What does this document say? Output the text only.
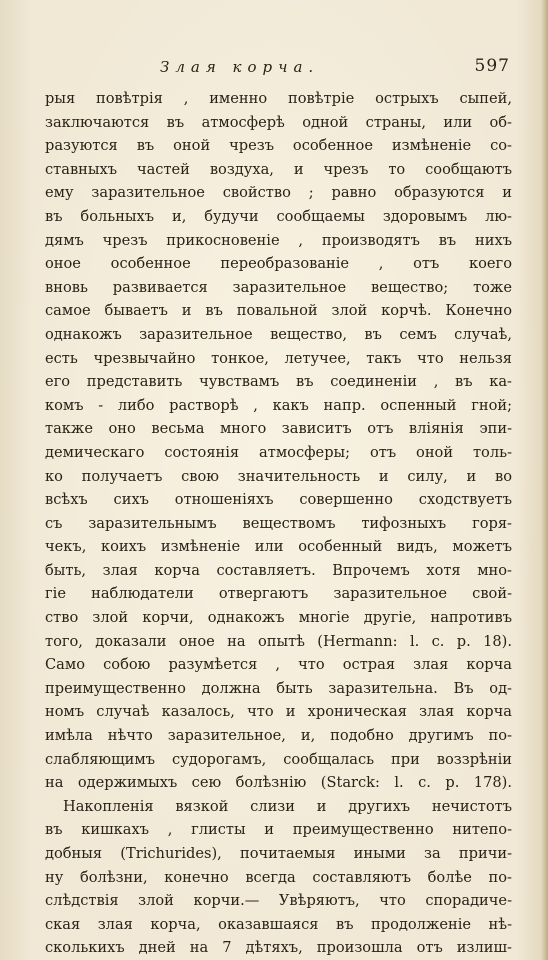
Злая корча.	597
рыя повѣтрія , именно повѣтріе острыхъ сыпей,
заключаются въ атмосферѣ одной страны, или об-
разуются въ оной чрезъ особенное измѣненіе со-
ставныхъ частей воздуха, и чрезъ то сообщаютъ
ему заразительное свойство ; равно образуются и
въ больныхъ и, будучи сообщаемы здоровымъ лю-
дямъ чрезъ прикосновеніе , производятъ въ нихъ
оное особенное переобразованіе , отъ коего
вновь развивается заразительное вещество; тоже
самое бываетъ и въ повальной злой корчѣ. Конечно
однакожъ заразительное вещество, въ семъ случаѣ,
есть чрезвычайно тонкое, летучее, такъ что нельзя
его представить чувствамъ въ соединеніи , въ ка-
комъ - либо растворѣ , какъ напр. оспенный гной;
также оно весьма много зависитъ отъ вліянія эпи-
демическаго состоянія атмосферы; отъ оной толь-
ко получаетъ свою значительность и силу, и во
всѣхъ сихъ отношеніяхъ совершенно сходствуетъ
съ заразительнымъ веществомъ тифозныхъ горя-
чекъ, коихъ измѣненіе или особенный видъ, можетъ
быть, злая корча составляетъ. Впрочемъ хотя мно-
гіе наблюдатели отвергаютъ заразительное свой-
ство злой корчи, однакожъ многіе другіе, напротивъ
того, доказали оное на опытѣ (Hermann: l. c. p. 18).
Само собою разумѣется , что острая злая корча
преимущественно должна быть заразительна. Въ од-
номъ случаѣ казалось, что и хроническая злая корча
имѣла нѣчто заразительное, и, подобно другимъ по-
слабляющимъ судорогамъ, сообщалась при воззрѣніи
на одержимыхъ сею болѣзнію (Starck: l. c. p. 178).
Накопленія вязкой слизи и другихъ нечистотъ
въ кишкахъ , глисты и преимущественно нитепо-
добныя (Trichurides), почитаемыя иными за причи-
ну болѣзни, конечно всегда составляютъ болѣе по-
слѣдствія злой корчи.— Увѣряютъ, что спорадиче-
ская злая корча, оказавшаяся въ продолженіе нѣ-
сколькихъ дней на 7 дѣтяхъ, произошла отъ излиш-
